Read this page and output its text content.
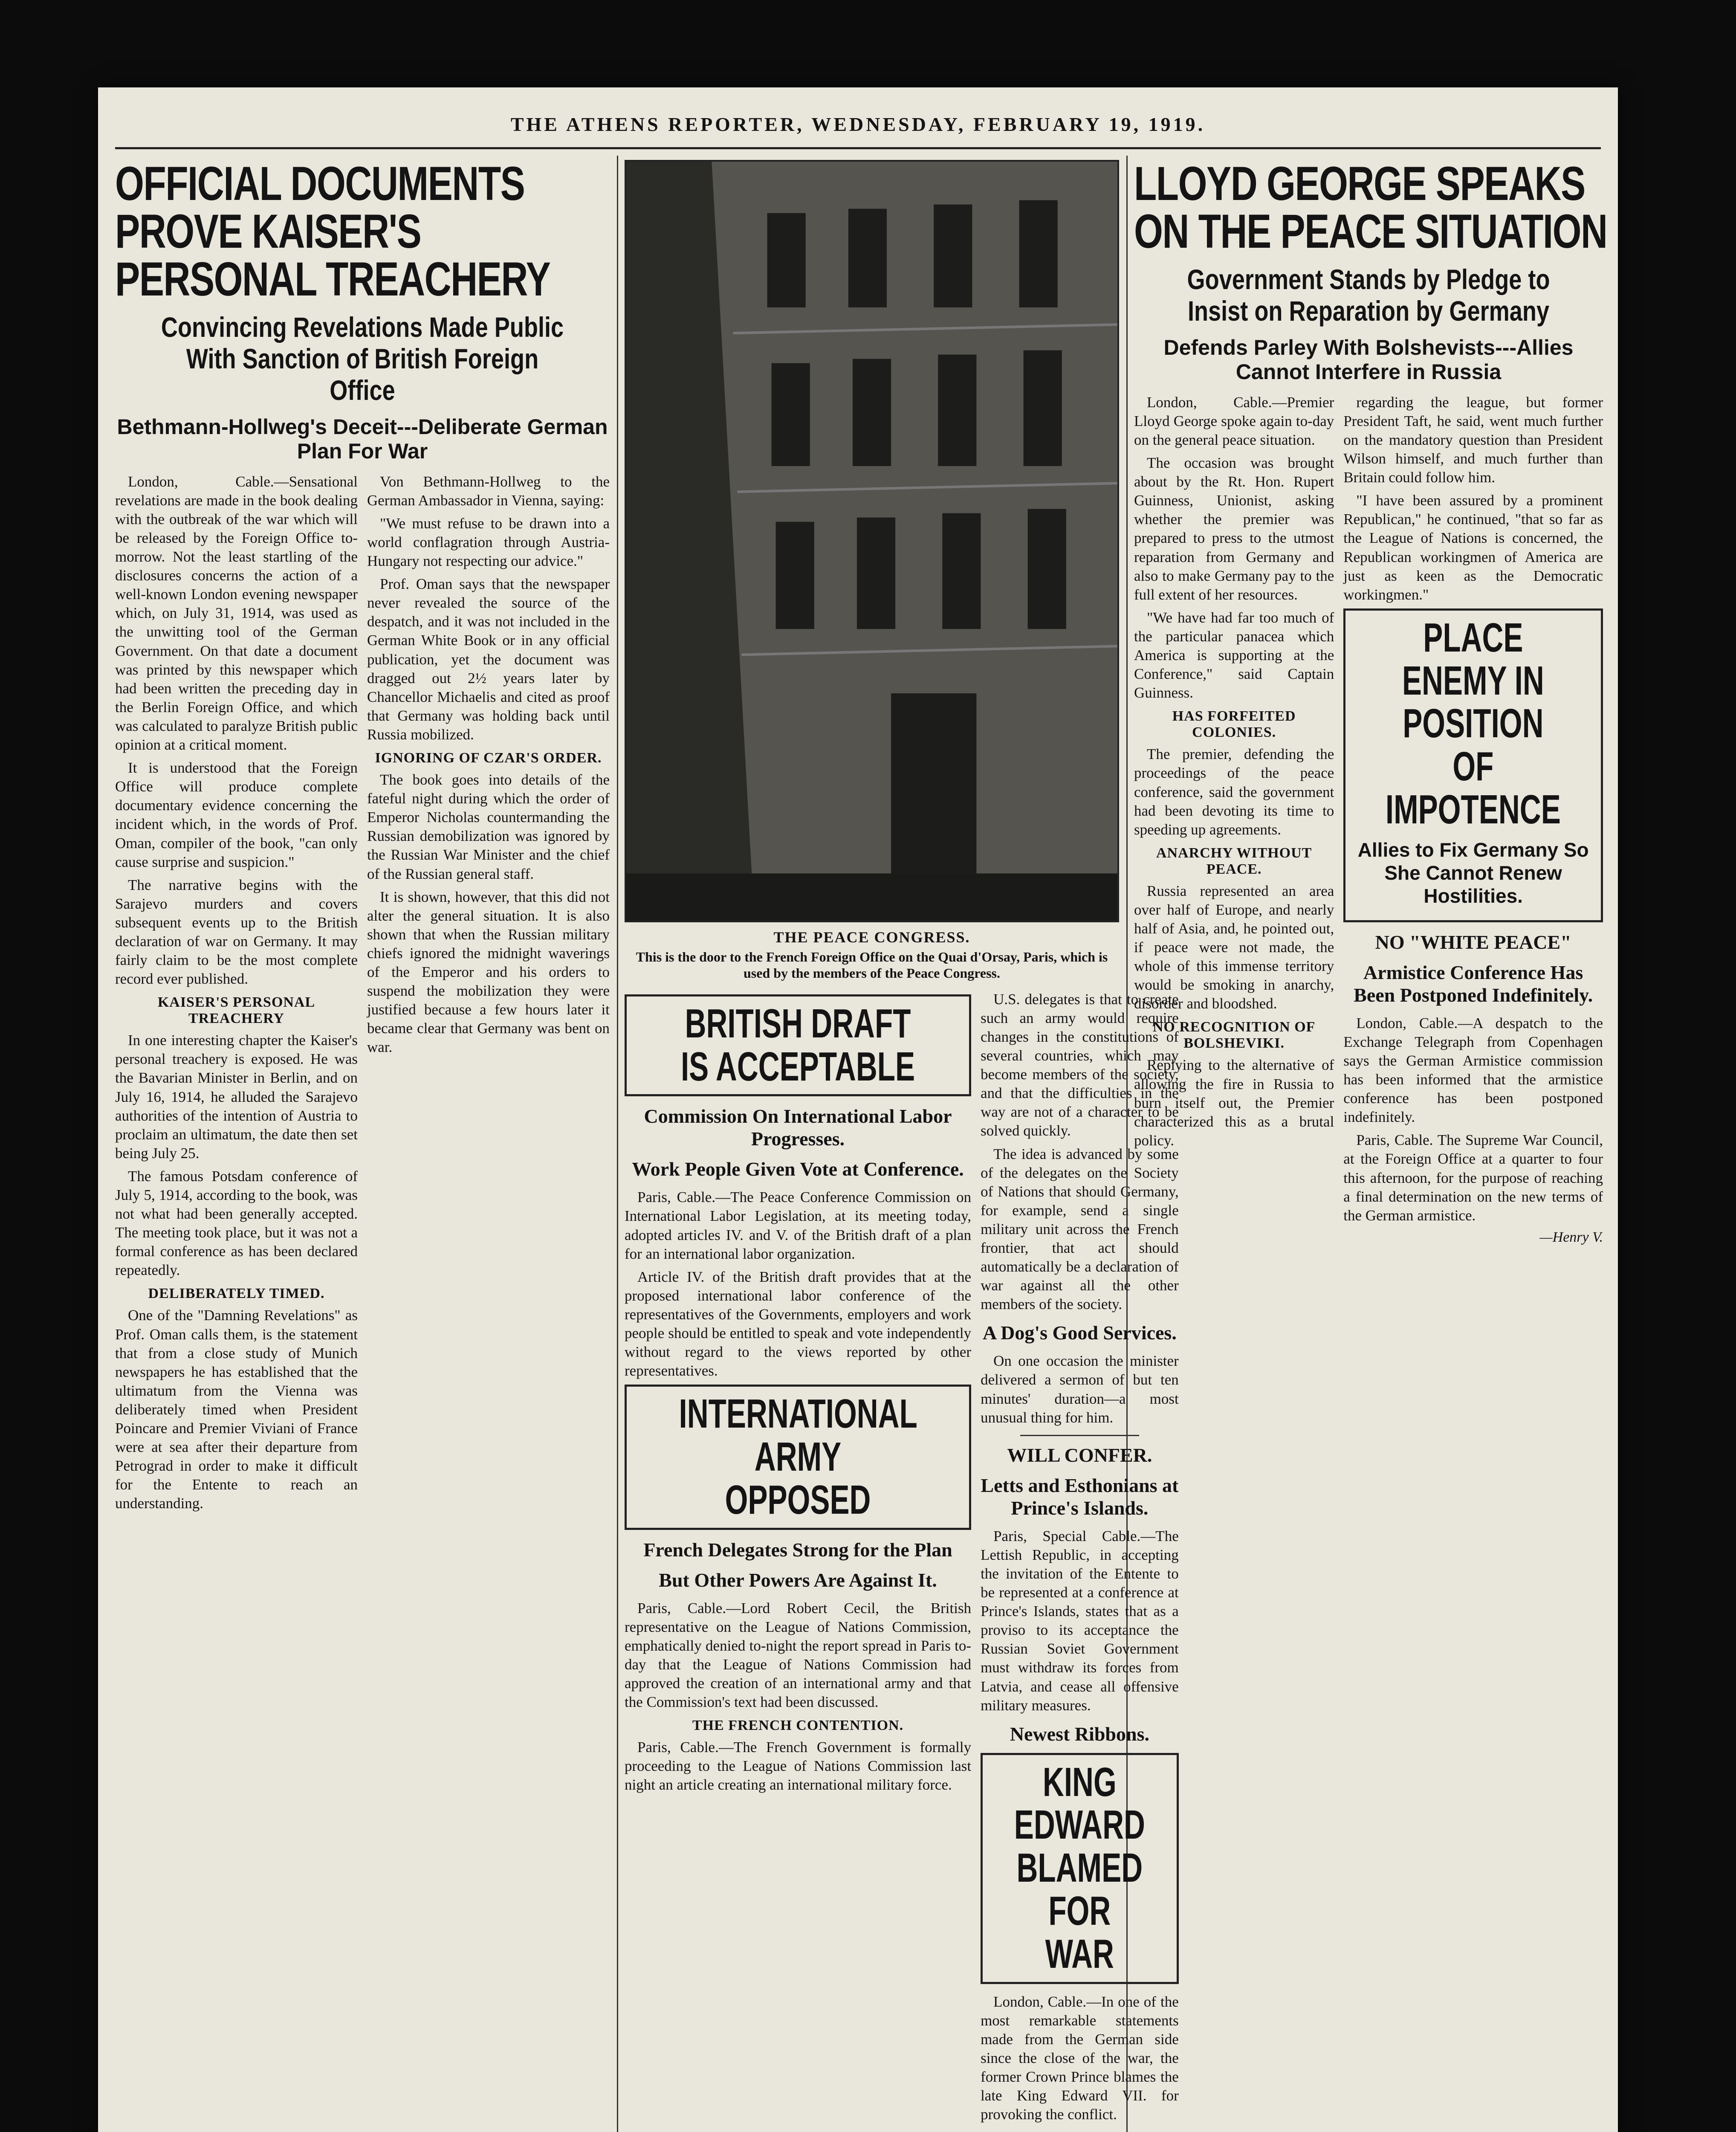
THE ATHENS REPORTER, WEDNESDAY, FEBRUARY 19, 1919.
OFFICIAL DOCUMENTS PROVE KAISER'S PERSONAL TREACHERY
Convincing Revelations Made Public With Sanction of British Foreign Office
Bethmann-Hollweg's Deceit---Deliberate German Plan For War

London, Cable.—Sensational revelations are made in the book dealing with the outbreak of the war which will be released by the Foreign Office to-morrow. Not the least startling of the disclosures concerns the action of a well-known London evening newspaper which, on July 31, 1914, was used as the unwitting tool of the German Government. On that date a document was printed by this newspaper which had been written the preceding day in the Berlin Foreign Office, and which was calculated to paralyze British public opinion at a critical moment.

It is understood that the Foreign Office will produce complete documentary evidence concerning the incident which, in the words of Prof. Oman, compiler of the book, "can only cause surprise and suspicion."

The narrative begins with the Sarajevo murders and covers subsequent events up to the British declaration of war on Germany. It may fairly claim to be the most complete record ever published.

KAISER'S PERSONAL TREACHERY

In one interesting chapter the Kaiser's personal treachery is exposed. He was the Bavarian Minister in Berlin, and on July 16, 1914, he alluded the Sarajevo authorities of the intention of Austria to proclaim an ultimatum, the date then set being July 25.

The famous Potsdam conference of July 5, 1914, according to the book, was not what had been generally accepted. The meeting took place, but it was not a formal conference as has been declared repeatedly.

DELIBERATELY TIMED.

One of the "Damning Revelations" as Prof. Oman calls them, is the statement that from a close study of Munich newspapers he has established that the ultimatum from the Vienna was deliberately timed when President Poincare and Premier Viviani of France were at sea after their departure from Petrograd in order to make it difficult for the Entente to reach an understanding.

Von Bethmann-Hollweg to the German Ambassador in Vienna, saying:

"We must refuse to be drawn into a world conflagration through Austria-Hungary not respecting our advice."

Prof. Oman says that the newspaper never revealed the source of the despatch, and it was not included in the German White Book or in any official publication, yet the document was dragged out 2½ years later by Chancellor Michaelis and cited as proof that Germany was holding back until Russia mobilized.

IGNORING OF CZAR'S ORDER.

The book goes into details of the fateful night during which the order of Emperor Nicholas countermanding the Russian demobilization was ignored by the Russian War Minister and the chief of the Russian general staff.

It is shown, however, that this did not alter the general situation. It is also shown that when the Russian military chiefs ignored the midnight waverings of the Emperor and his orders to suspend the mobilization they were justified because a few hours later it became clear that Germany was bent on war.

THE PEACE CONGRESS.
This is the door to the French Foreign Office on the Quai d'Orsay, Paris, which is used by the members of the Peace Congress.
BRITISH DRAFT IS ACCEPTABLE
Commission On International Labor Progresses.
Work People Given Vote at Conference.

Paris, Cable.—The Peace Conference Commission on International Labor Legislation, at its meeting today, adopted articles IV. and V. of the British draft of a plan for an international labor organization.

Article IV. of the British draft provides that at the proposed international labor conference of the representatives of the Governments, employers and work people should be entitled to speak and vote independently without regard to the views reported by other representatives.

INTERNATIONAL ARMY OPPOSED
French Delegates Strong for the Plan
But Other Powers Are Against It.

Paris, Cable.—Lord Robert Cecil, the British representative on the League of Nations Commission, emphatically denied to-night the report spread in Paris to-day that the League of Nations Commission had approved the creation of an international army and that the Commission's text had been discussed.

THE FRENCH CONTENTION.

Paris, Cable.—The French Government is formally proceeding to the League of Nations Commission last night an article creating an international military force.

U.S. delegates is that to create such an army would require changes in the constitutions of several countries, which may become members of the society, and that the difficulties in the way are not of a character to be solved quickly.

The idea is advanced by some of the delegates on the Society of Nations that should Germany, for example, send a single military unit across the French frontier, that act should automatically be a declaration of war against all the other members of the society.

A Dog's Good Services.

On one occasion the minister delivered a sermon of but ten minutes' duration—a most unusual thing for him.

WILL CONFER.
Letts and Esthonians at Prince's Islands.

Paris, Special Cable.—The Lettish Republic, in accepting the invitation of the Entente to be represented at a conference at Prince's Islands, states that as a proviso to its acceptance the Russian Soviet Government must withdraw its forces from Latvia, and cease all offensive military measures.

Newest Ribbons.
KING EDWARD BLAMED FOR WAR

London, Cable.—In one of the most remarkable statements made from the German side since the close of the war, the former Crown Prince blames the late King Edward VII. for provoking the conflict.

LLOYD GEORGE SPEAKS ON THE PEACE SITUATION
Government Stands by Pledge to Insist on Reparation by Germany
Defends Parley With Bolshevists---Allies Cannot Interfere in Russia

London, Cable.—Premier Lloyd George spoke again to-day on the general peace situation.

The occasion was brought about by the Rt. Hon. Rupert Guinness, Unionist, asking whether the premier was prepared to press to the utmost reparation from Germany and also to make Germany pay to the full extent of her resources.

"We have had far too much of the particular panacea which America is supporting at the Conference," said Captain Guinness.

HAS FORFEITED COLONIES.

The premier, defending the proceedings of the peace conference, said the government had been devoting its time to speeding up agreements.

ANARCHY WITHOUT PEACE.

Russia represented an area over half of Europe, and nearly half of Asia, and, he pointed out, if peace were not made, the whole of this immense territory would be smoking in anarchy, disorder and bloodshed.

NO RECOGNITION OF BOLSHEVIKI.

Replying to the alternative of allowing the fire in Russia to burn itself out, the Premier characterized this as a brutal policy.

regarding the league, but former President Taft, he said, went much further on the mandatory question than President Wilson himself, and much further than Britain could follow him.

"I have been assured by a prominent Republican," he continued, "that so far as the League of Nations is concerned, the Republican workingmen of America are just as keen as the Democratic workingmen."

PLACE ENEMY IN POSITION OF IMPOTENCE
Allies to Fix Germany So She Cannot Renew Hostilities.
NO "WHITE PEACE"
Armistice Conference Has Been Postponed Indefinitely.

London, Cable.—A despatch to the Exchange Telegraph from Copenhagen says the German Armistice commission has been informed that the armistice conference has been postponed indefinitely.

Paris, Cable. The Supreme War Council, at the Foreign Office at a quarter to four this afternoon, for the purpose of reaching a final determination on the new terms of the German armistice.

—Henry V.
